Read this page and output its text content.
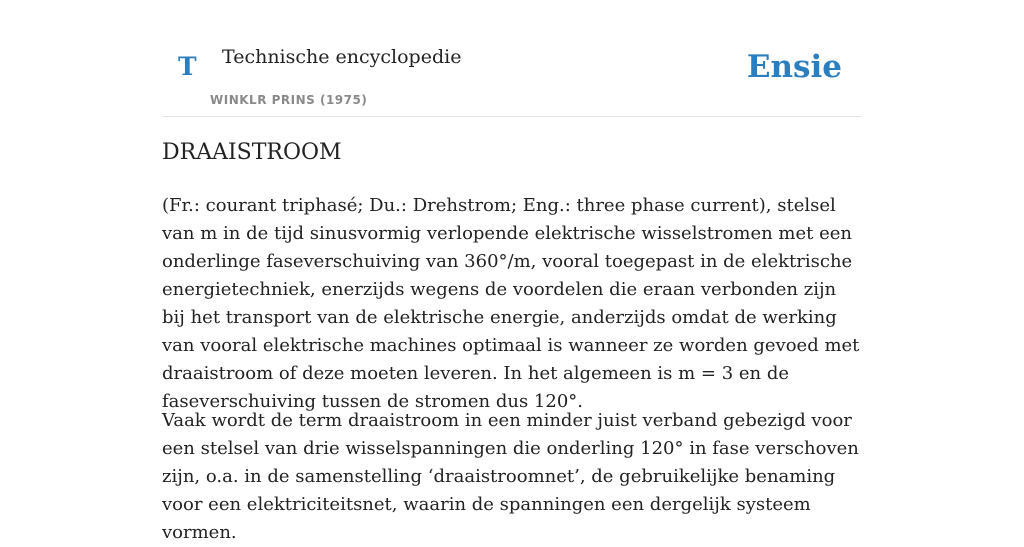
T Technische encyclopedie
WINKLR PRINS (1975)
Ensie
DRAAISTROOM

(Fr.: courant triphasé; Du.: Drehstrom; Eng.: three phase current), stelsel van m in de tijd sinusvormig verlopende elektrische wisselstromen met een onderlinge faseverschuiving van 360°/m, vooral toegepast in de elektrische energietechniek, enerzijds wegens de voordelen die eraan verbonden zijn bij het transport van de elektrische energie, anderzijds omdat de werking van vooral elektrische machines optimaal is wanneer ze worden gevoed met draaistroom of deze moeten leveren. In het algemeen is m = 3 en de faseverschuiving tussen de stromen dus 120°.

Vaak wordt de term draaistroom in een minder juist verband gebezigd voor een stelsel van drie wisselspanningen die onderling 120° in fase verschoven zijn, o.a. in de samenstelling ‘draaistroomnet’, de gebruikelijke benaming voor een elektriciteitsnet, waarin de spanningen een dergelijk systeem vormen.
